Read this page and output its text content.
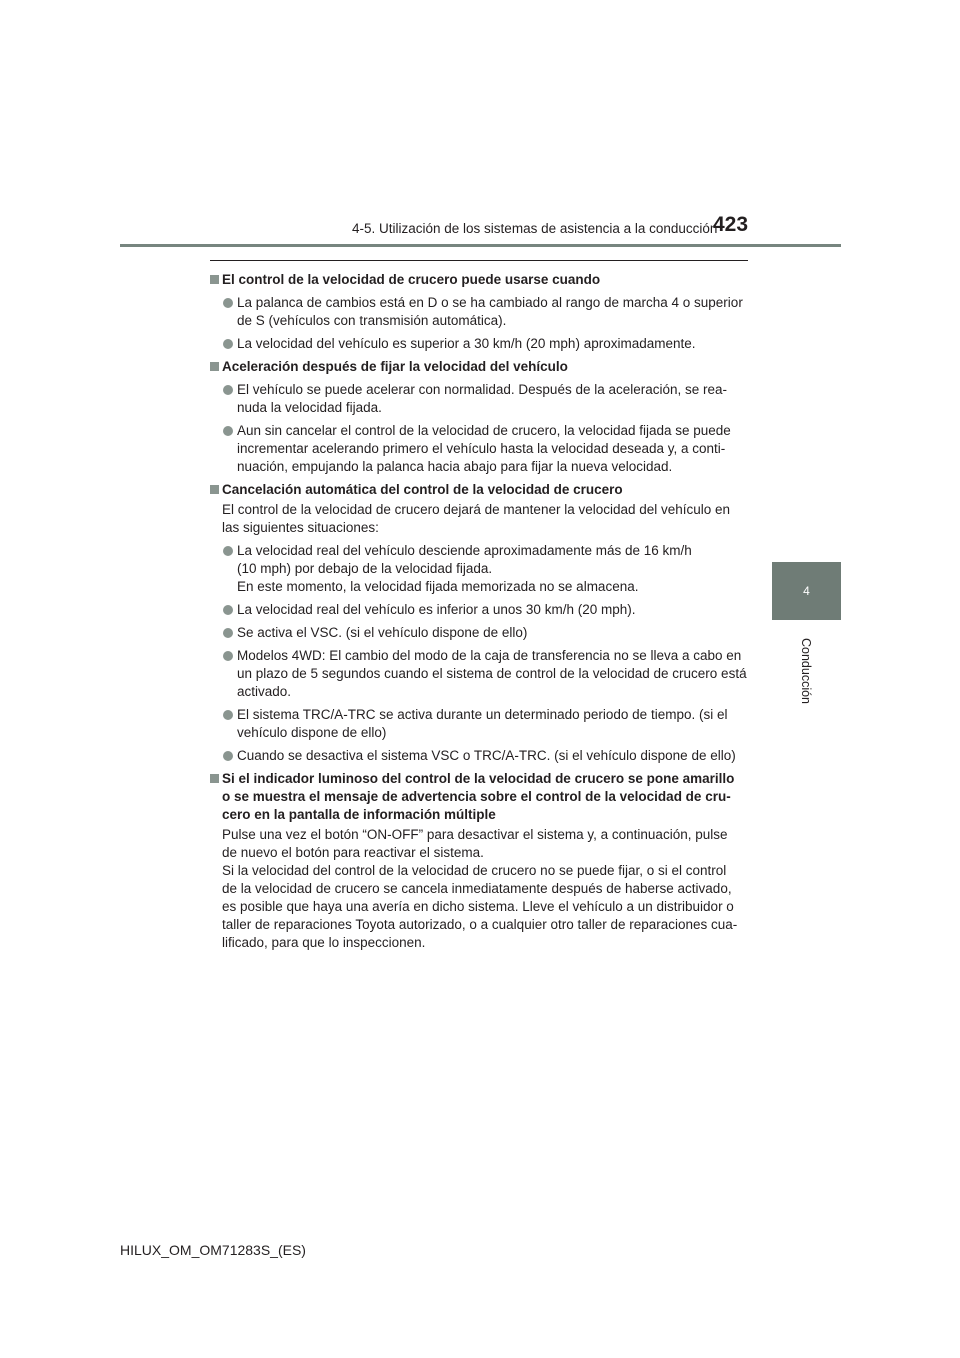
4-5. Utilización de los sistemas de asistencia a la conducción
423
4
Conducción
El control de la velocidad de crucero puede usarse cuando
La palanca de cambios está en D o se ha cambiado al rango de marcha 4 o superior
de S (vehículos con transmisión automática).
La velocidad del vehículo es superior a 30 km/h (20 mph) aproximadamente.
Aceleración después de fijar la velocidad del vehículo
El vehículo se puede acelerar con normalidad. Después de la aceleración, se rea-
nuda la velocidad fijada.
Aun sin cancelar el control de la velocidad de crucero, la velocidad fijada se puede
incrementar acelerando primero el vehículo hasta la velocidad deseada y, a conti-
nuación, empujando la palanca hacia abajo para fijar la nueva velocidad.
Cancelación automática del control de la velocidad de crucero
El control de la velocidad de crucero dejará de mantener la velocidad del vehículo en
las siguientes situaciones:
La velocidad real del vehículo desciende aproximadamente más de 16 km/h
(10 mph) por debajo de la velocidad fijada.
En este momento, la velocidad fijada memorizada no se almacena.
La velocidad real del vehículo es inferior a unos 30 km/h (20 mph).
Se activa el VSC. (si el vehículo dispone de ello)
Modelos 4WD: El cambio del modo de la caja de transferencia no se lleva a cabo en
un plazo de 5 segundos cuando el sistema de control de la velocidad de crucero está
activado.
El sistema TRC/A-TRC se activa durante un determinado periodo de tiempo. (si el
vehículo dispone de ello)
Cuando se desactiva el sistema VSC o TRC/A-TRC. (si el vehículo dispone de ello)
Si el indicador luminoso del control de la velocidad de crucero se pone amarillo
o se muestra el mensaje de advertencia sobre el control de la velocidad de cru-
cero en la pantalla de información múltiple
Pulse una vez el botón “ON-OFF” para desactivar el sistema y, a continuación, pulse
de nuevo el botón para reactivar el sistema.
Si la velocidad del control de la velocidad de crucero no se puede fijar, o si el control
de la velocidad de crucero se cancela inmediatamente después de haberse activado,
es posible que haya una avería en dicho sistema. Lleve el vehículo a un distribuidor o
taller de reparaciones Toyota autorizado, o a cualquier otro taller de reparaciones cua-
lificado, para que lo inspeccionen.
HILUX_OM_OM71283S_(ES)
